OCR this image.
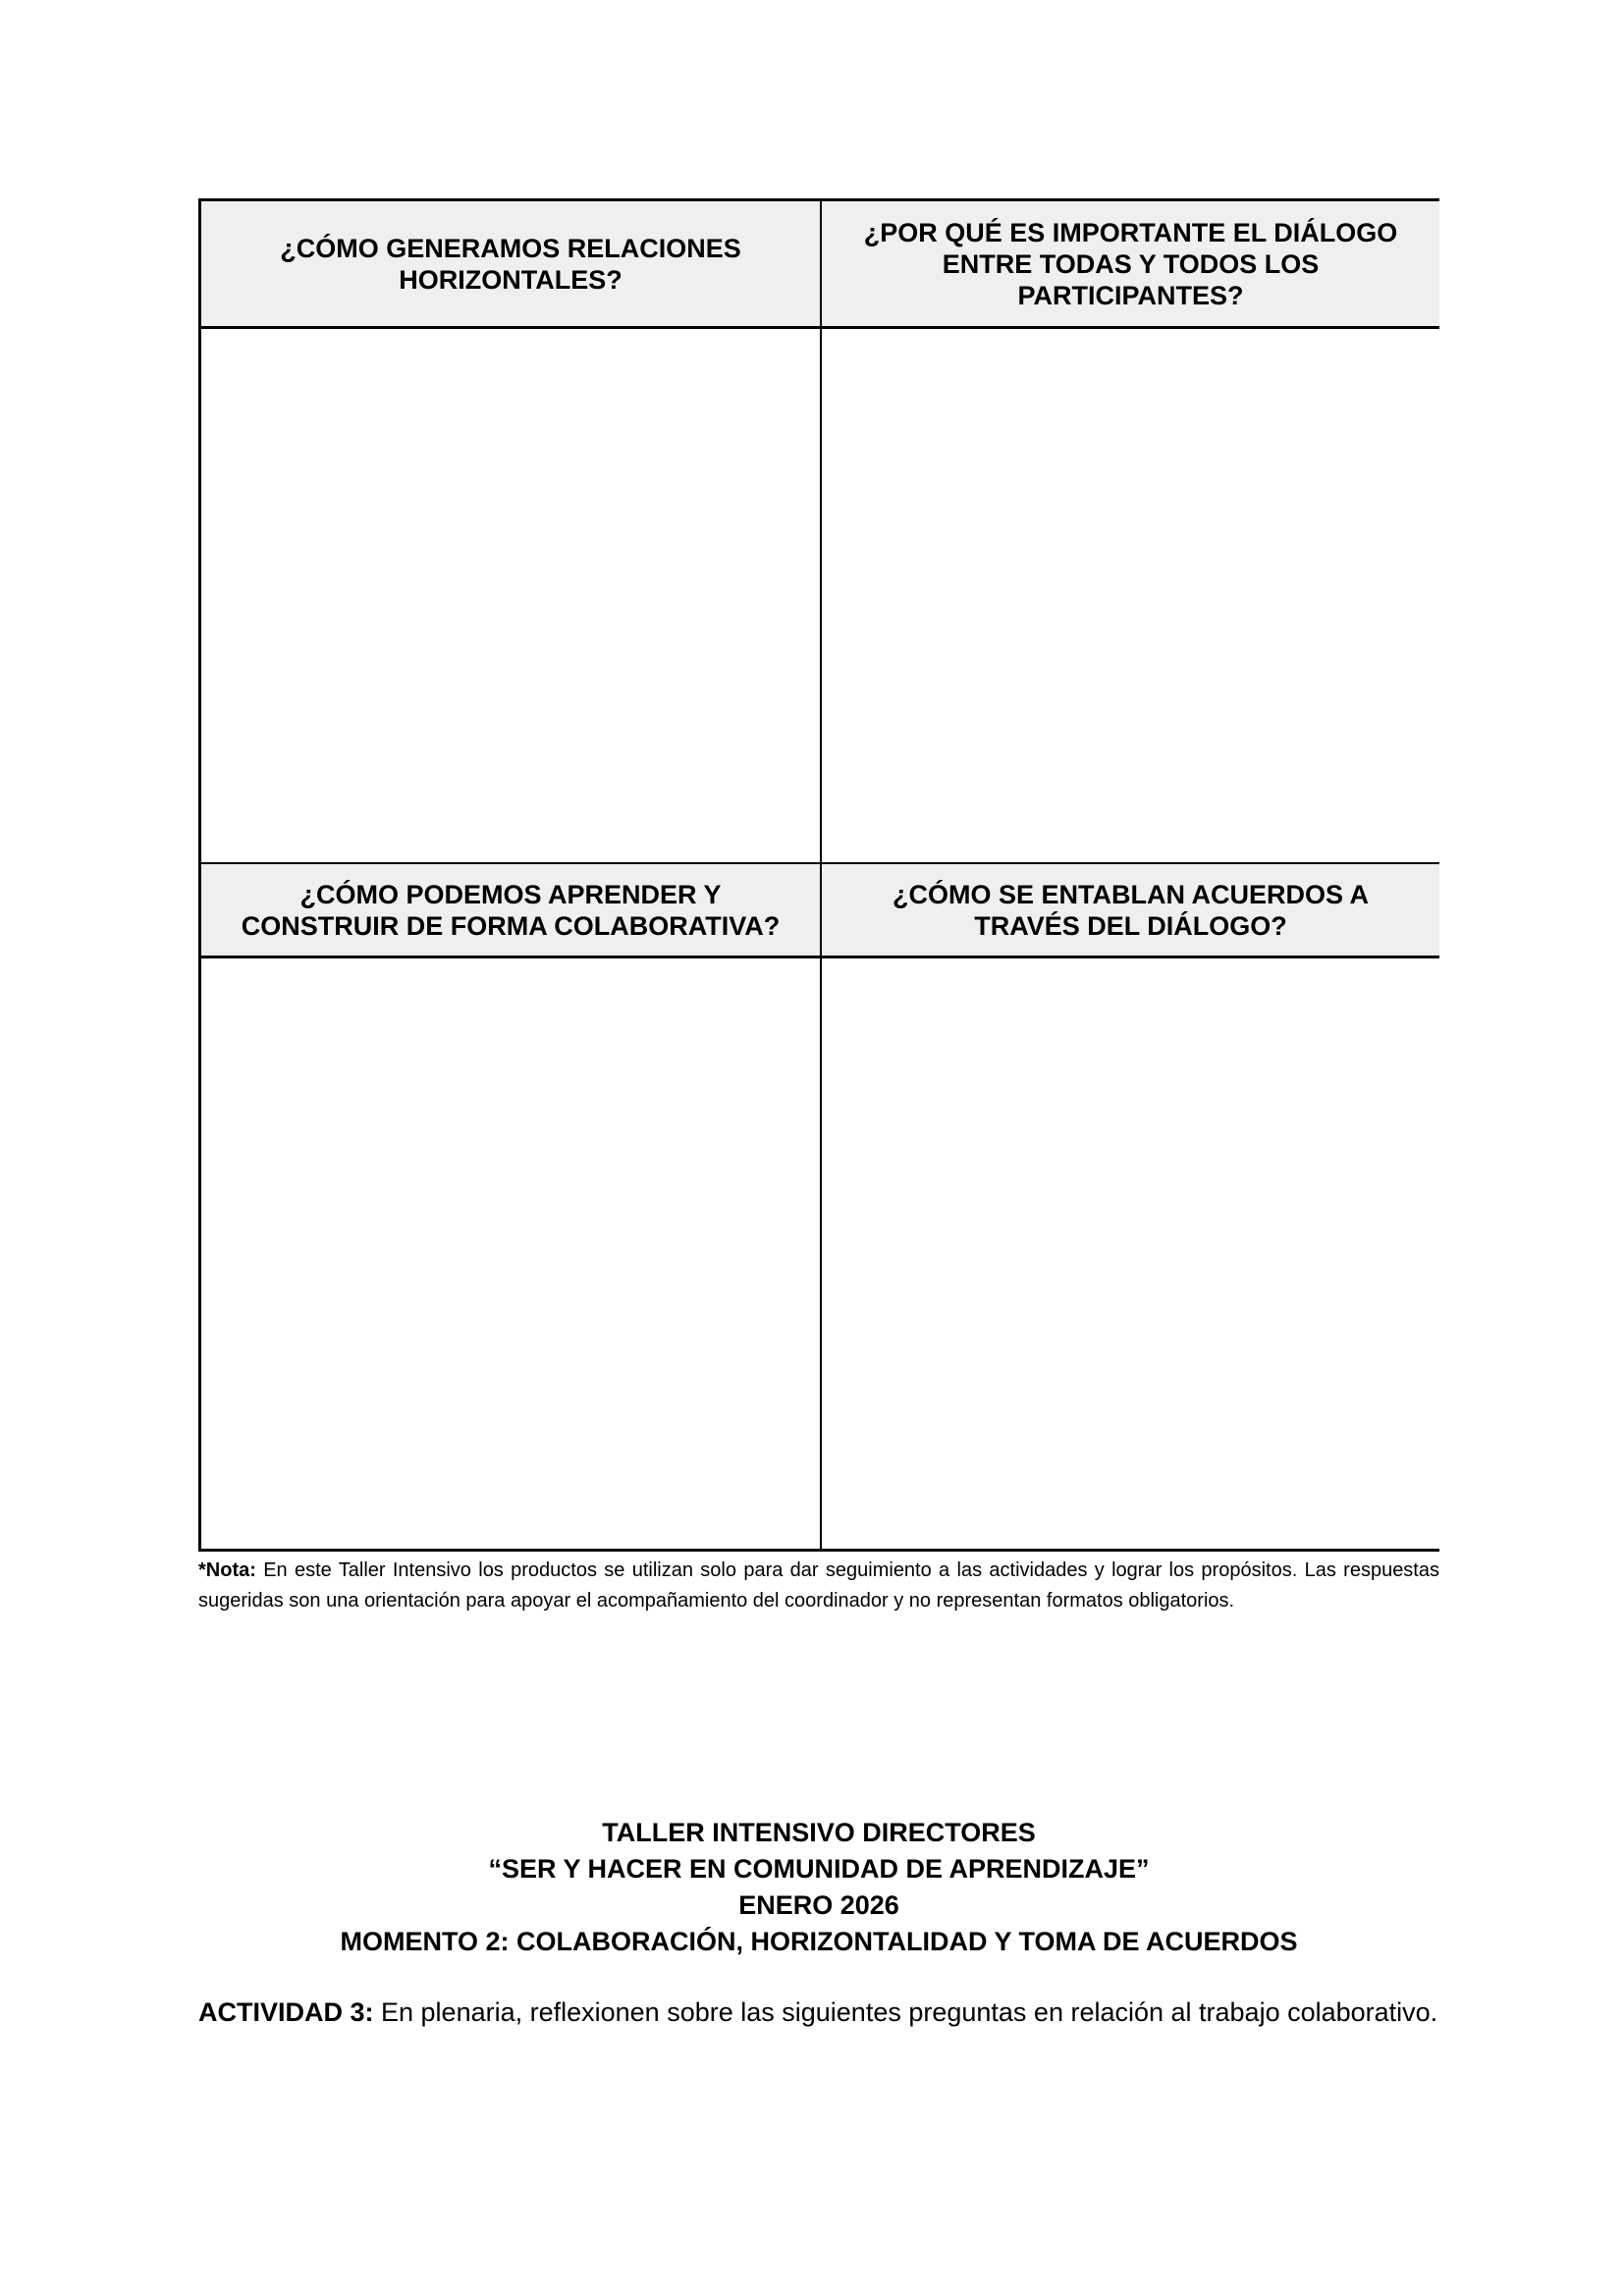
¿CÓMO GENERAMOS RELACIONES HORIZONTALES?
¿POR QUÉ ES IMPORTANTE EL DIÁLOGO ENTRE TODAS Y TODOS LOS PARTICIPANTES?
¿CÓMO PODEMOS APRENDER Y CONSTRUIR DE FORMA COLABORATIVA?
¿CÓMO SE ENTABLAN ACUERDOS A TRAVÉS DEL DIÁLOGO?
*Nota: En este Taller Intensivo los productos se utilizan solo para dar seguimiento a las actividades y lograr los propósitos. Las respuestas sugeridas son una orientación para apoyar el acompañamiento del coordinador y no representan formatos obligatorios.
TALLER INTENSIVO DIRECTORES
“SER Y HACER EN COMUNIDAD DE APRENDIZAJE”
ENERO 2026
MOMENTO 2: COLABORACIÓN, HORIZONTALIDAD Y TOMA DE ACUERDOS
ACTIVIDAD 3: En plenaria, reflexionen sobre las siguientes preguntas en relación al trabajo colaborativo.
